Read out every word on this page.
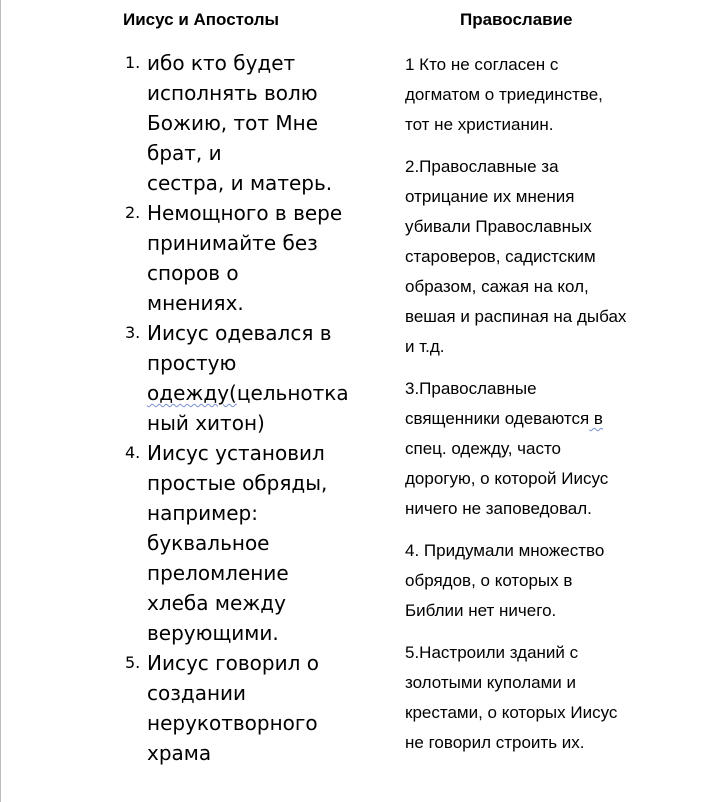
Иисус и Апостолы	Православие
1. ибо кто будет
исполнять волю
Божию, тот Мне
брат, и
сестра, и матерь.
2. Немощного в вере
принимайте без
споров о
мнениях.
3. Иисус одевался в
простую
одежду(цельнотка
ный хитон)
4. Иисус установил
простые обряды,
например:
буквальное
преломление
хлеба между
верующими.
5. Иисус говорил о
создании
нерукотворного
храма

1 Кто не согласен с
догматом о триединстве,
тот не христианин.

2.Православные за
отрицание их мнения
убивали Православных
староверов, садистским
образом, сажая на кол,
вешая и распиная на дыбах
и т.д.

3.Православные
священники одеваются в
спец. одежду, часто
дорогую, о которой Иисус
ничего не заповедовал.

4. Придумали множество
обрядов, о которых в
Библии нет ничего.

5.Настроили зданий с
золотыми куполами и
крестами, о которых Иисус
не говорил строить их.
